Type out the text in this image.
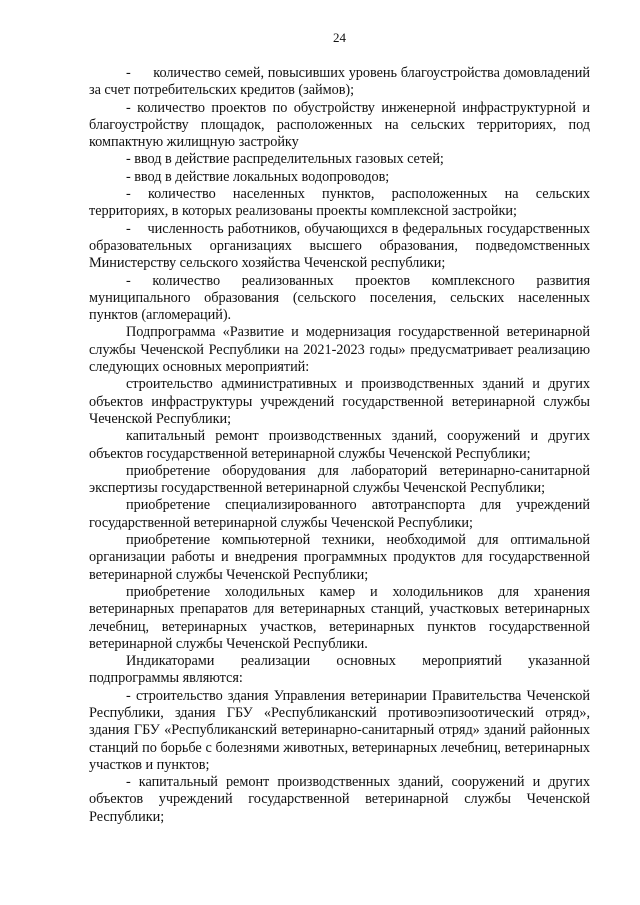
24

-      количество семей, повысивших уровень благоустройства домовладений за счет потребительских кредитов (займов);

- количество проектов по обустройству инженерной инфраструктурной и благоустройству площадок, расположенных на сельских территориях, под компактную жилищную застройку

- ввод в действие распределительных газовых сетей;

- ввод в действие локальных водопроводов;

- количество населенных пунктов, расположенных на сельских территориях, в которых реализованы проекты комплексной застройки;

-    численность работников, обучающихся в федеральных государственных образовательных организациях высшего образования, подведомственных Министерству сельского хозяйства Чеченской республики;

- количество реализованных проектов комплексного развития муниципального образования (сельского поселения, сельских населенных пунктов (агломераций).

Подпрограмма «Развитие и модернизация государственной ветеринарной службы Чеченской Республики на 2021-2023 годы» предусматривает реализацию следующих основных мероприятий:

строительство административных и производственных зданий и других объектов инфраструктуры учреждений государственной ветеринарной службы Чеченской Республики;

капитальный ремонт производственных зданий, сооружений и других объектов государственной ветеринарной службы Чеченской Республики;

приобретение оборудования для лабораторий ветеринарно-санитарной экспертизы государственной ветеринарной службы Чеченской Республики;

приобретение специализированного автотранспорта для учреждений государственной ветеринарной службы Чеченской Республики;

приобретение компьютерной техники, необходимой для оптимальной организации работы и внедрения программных продуктов для государственной ветеринарной службы Чеченской Республики;

приобретение холодильных камер и холодильников для хранения ветеринарных препаратов для ветеринарных станций, участковых ветеринарных лечебниц, ветеринарных участков, ветеринарных пунктов государственной ветеринарной службы Чеченской Республики.

Индикаторами реализации основных мероприятий указанной подпрограммы являются:

- строительство здания Управления ветеринарии Правительства Чеченской Республики, здания ГБУ «Республиканский противоэпизоотический отряд», здания ГБУ «Республиканский ветеринарно-санитарный отряд» зданий районных станций по борьбе с болезнями животных, ветеринарных лечебниц, ветеринарных участков и пунктов;

- капитальный ремонт производственных зданий, сооружений и других объектов учреждений государственной ветеринарной службы Чеченской Республики;
